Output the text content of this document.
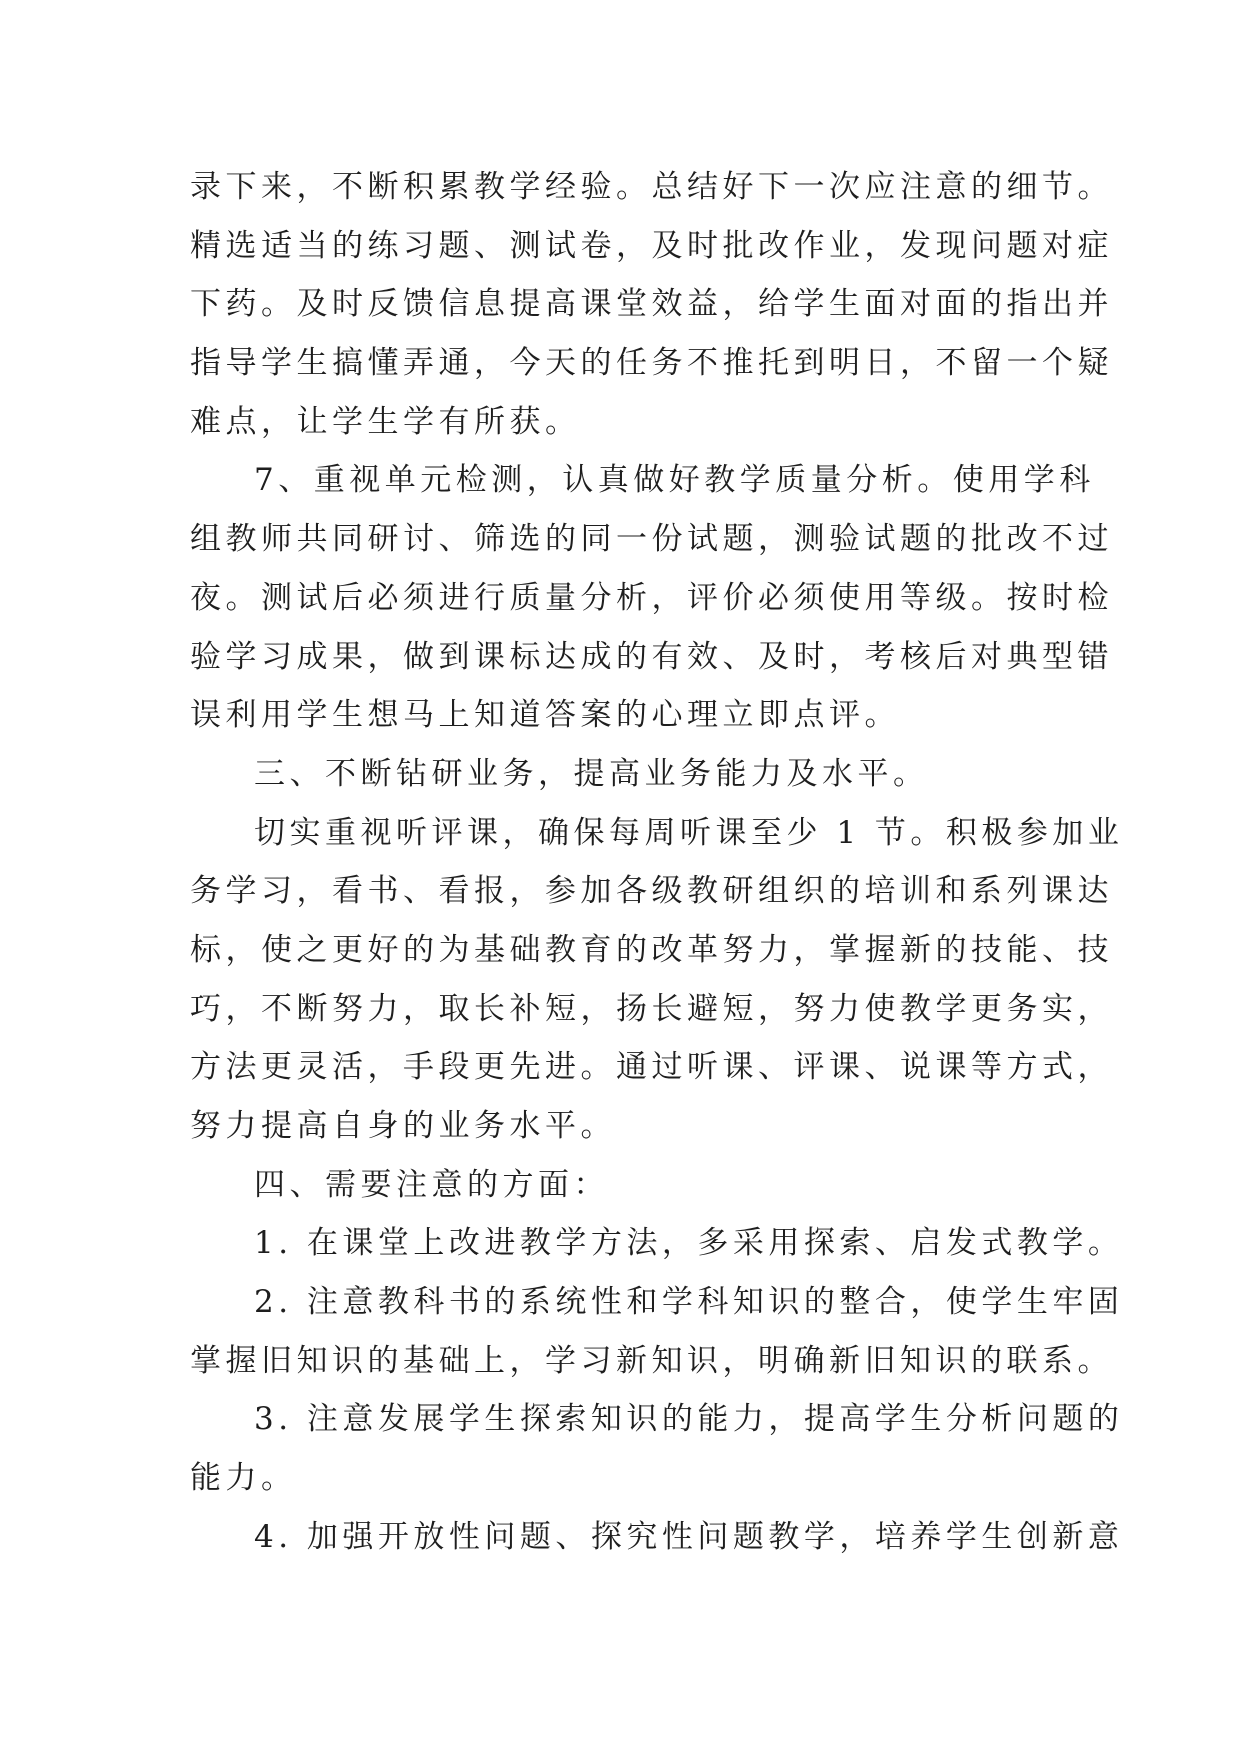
录下来，不断积累教学经验。总结好下一次应注意的细节。
精选适当的练习题、测试卷，及时批改作业，发现问题对症
下药。及时反馈信息提高课堂效益，给学生面对面的指出并
指导学生搞懂弄通，今天的任务不推托到明日，不留一个疑
难点，让学生学有所获。
7、重视单元检测，认真做好教学质量分析。使用学科
组教师共同研讨、筛选的同一份试题，测验试题的批改不过
夜。测试后必须进行质量分析，评价必须使用等级。按时检
验学习成果，做到课标达成的有效、及时，考核后对典型错
误利用学生想马上知道答案的心理立即点评。
三、不断钻研业务，提高业务能力及水平。
切实重视听评课，确保每周听课至少 1 节。积极参加业
务学习，看书、看报，参加各级教研组织的培训和系列课达
标，使之更好的为基础教育的改革努力，掌握新的技能、技
巧，不断努力，取长补短，扬长避短，努力使教学更务实，
方法更灵活，手段更先进。通过听课、评课、说课等方式，
努力提高自身的业务水平。
四、需要注意的方面：
1. 在课堂上改进教学方法，多采用探索、启发式教学。
2. 注意教科书的系统性和学科知识的整合，使学生牢固
掌握旧知识的基础上，学习新知识，明确新旧知识的联系。
3. 注意发展学生探索知识的能力，提高学生分析问题的
能力。
4. 加强开放性问题、探究性问题教学，培养学生创新意
